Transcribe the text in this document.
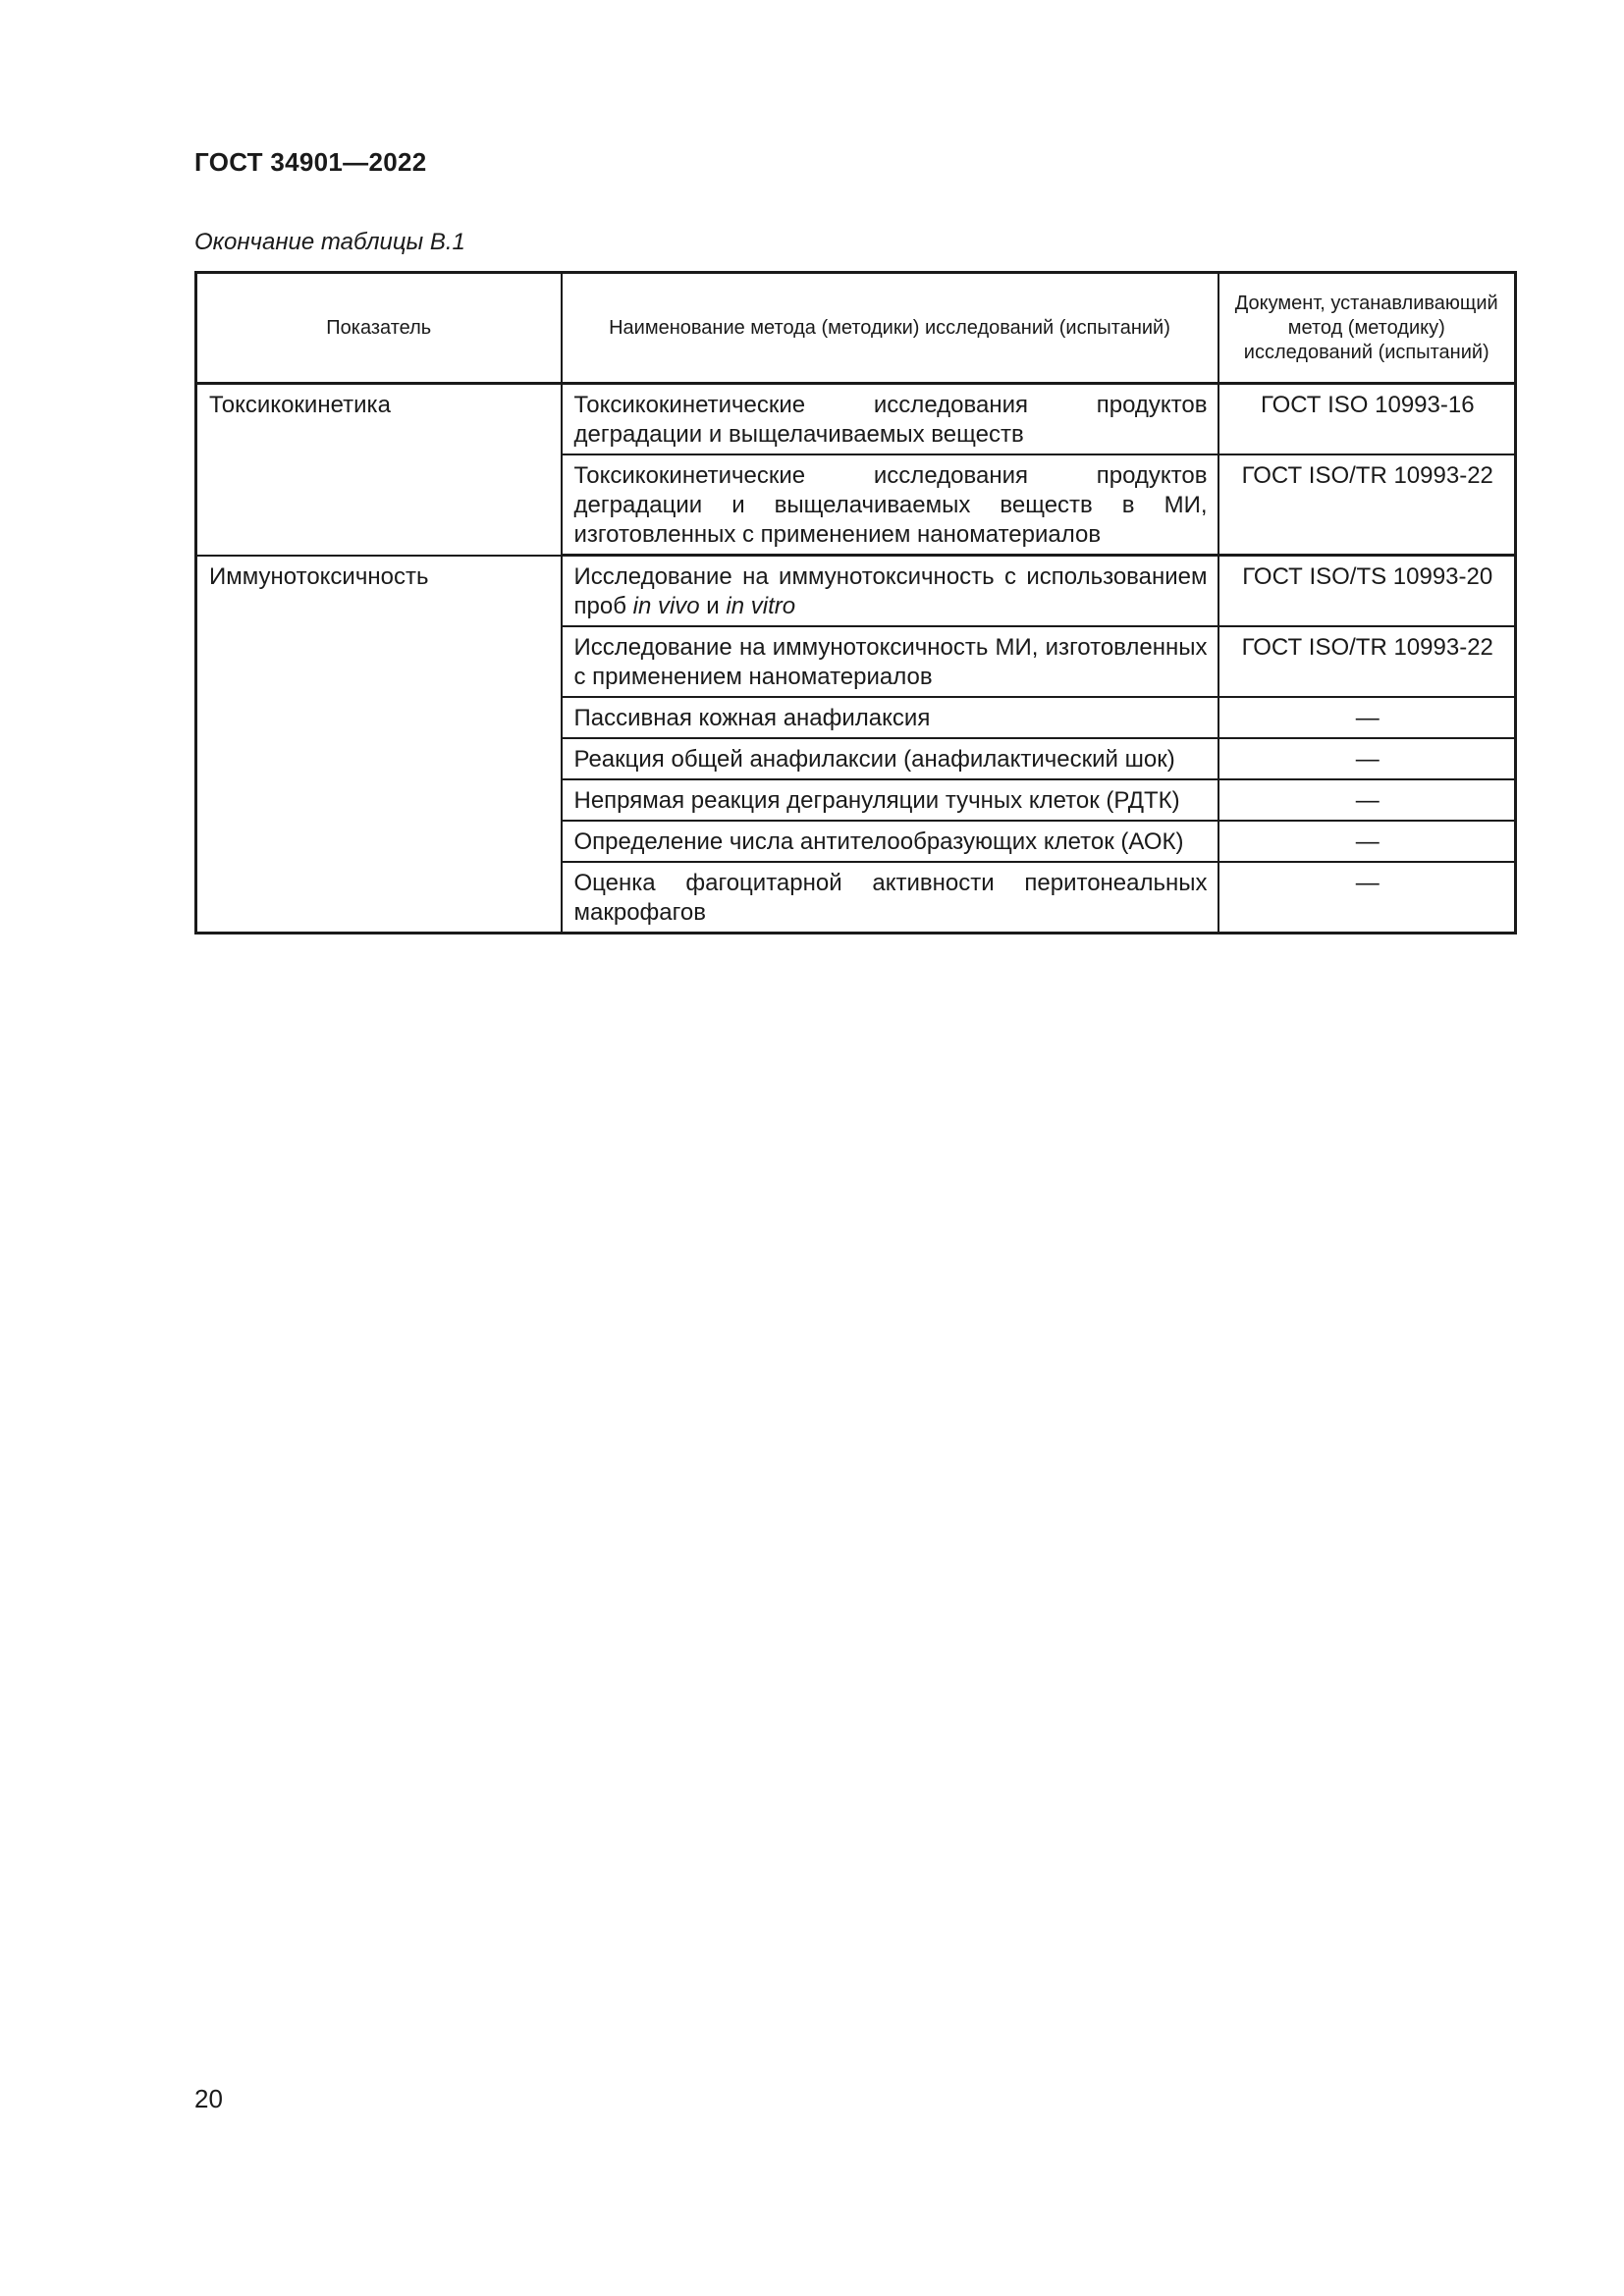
ГОСТ 34901—2022
Окончание таблицы В.1
Показатель	Наименование метода (методики) исследований (испытаний)	Документ, устанавливающий метод (методику) исследований (испытаний)
Токсикокинетика	Токсикокинетические исследования продуктов деградации и выщелачиваемых веществ	ГОСТ ISO 10993-16
	Токсикокинетические исследования продуктов деградации и выщелачиваемых веществ в МИ, изготовленных с применением наноматериалов	ГОСТ ISO/TR 10993-22
Иммунотоксичность	Исследование на иммунотоксичность с использованием проб in vivo и in vitro	ГОСТ ISO/TS 10993-20
	Исследование на иммунотоксичность МИ, изготовленных с применением наноматериалов	ГОСТ ISO/TR 10993-22
	Пассивная кожная анафилаксия	—
	Реакция общей анафилаксии (анафилактический шок)	—
	Непрямая реакция дегрануляции тучных клеток (РДТК)	—
	Определение числа антителообразующих клеток (АОК)	—
	Оценка фагоцитарной активности перитонеальных макрофагов	—
20
